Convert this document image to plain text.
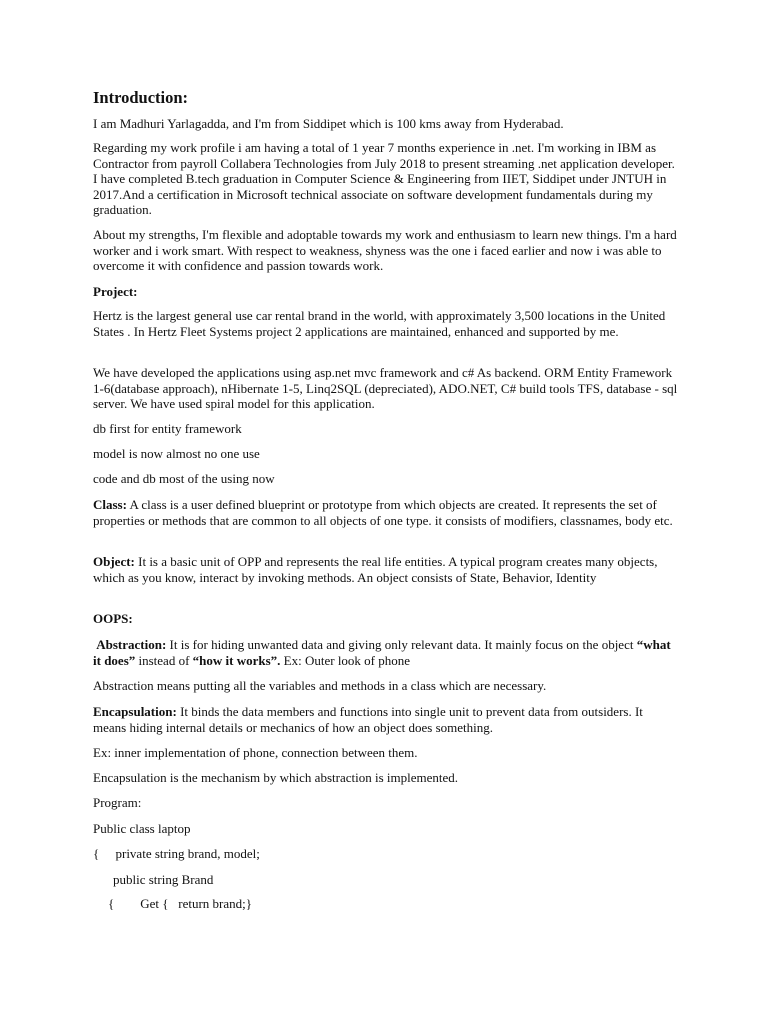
Introduction:

I am Madhuri Yarlagadda, and I'm from Siddipet which is 100 kms away from Hyderabad.

Regarding my work profile i am having a total of 1 year 7 months experience in .net. I'm working in IBM as Contractor from payroll Collabera Technologies from July 2018 to present streaming .net application developer. I have completed B.tech graduation in Computer Science & Engineering from IIET, Siddipet under JNTUH in 2017.And a certification in Microsoft technical associate on software development fundamentals during my graduation.

About my strengths, I'm flexible and adoptable towards my work and enthusiasm to learn new things. I'm a hard worker and i work smart. With respect to weakness, shyness was the one i faced earlier and now i was able to overcome it with confidence and passion towards work.

Project:

Hertz is the largest general use car rental brand in the world, with approximately 3,500 locations in the United States . In Hertz Fleet Systems project 2 applications are maintained, enhanced and supported by me.

We have developed the applications using asp.net mvc framework and c# As backend. ORM Entity Framework 1-6(database approach), nHibernate 1-5, Linq2SQL (depreciated), ADO.NET, C# build tools TFS, database - sql server. We have used spiral model for this application.

db first for entity framework

model is now almost no one use

code and db most of the using now

Class: A class is a user defined blueprint or prototype from which objects are created. It represents the set of properties or methods that are common to all objects of one type. it consists of modifiers, classnames, body etc.

Object: It is a basic unit of OPP and represents the real life entities. A typical program creates many objects, which as you know, interact by invoking methods. An object consists of State, Behavior, Identity

OOPS:

Abstraction: It is for hiding unwanted data and giving only relevant data. It mainly focus on the object “what it does” instead of “how it works”. Ex: Outer look of phone

Abstraction means putting all the variables and methods in a class which are necessary.

Encapsulation: It binds the data members and functions into single unit to prevent data from outsiders. It means hiding internal details or mechanics of how an object does something.

Ex: inner implementation of phone, connection between them.

Encapsulation is the mechanism by which abstraction is implemented.

Program:

Public class laptop

{     private string brand, model;

public string Brand

{        Get {   return brand;}
